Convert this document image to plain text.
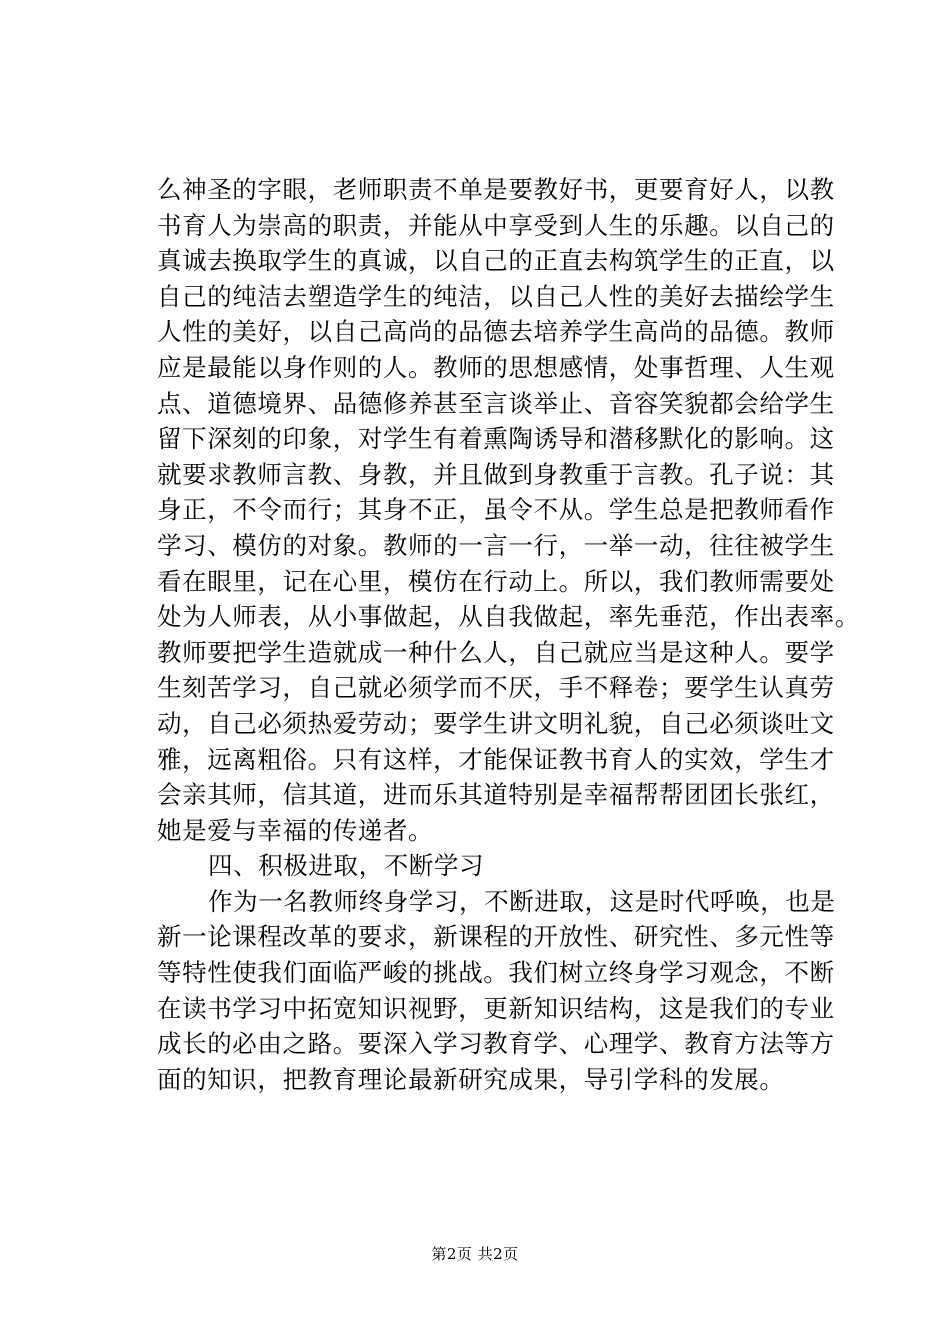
么神圣的字眼，老师职责不单是要教好书，更要育好人，以教
书育人为崇高的职责，并能从中享受到人生的乐趣。以自己的
真诚去换取学生的真诚，以自己的正直去构筑学生的正直，以
自己的纯洁去塑造学生的纯洁，以自己人性的美好去描绘学生
人性的美好，以自己高尚的品德去培养学生高尚的品德。教师
应是最能以身作则的人。教师的思想感情，处事哲理、人生观
点、道德境界、品德修养甚至言谈举止、音容笑貌都会给学生
留下深刻的印象，对学生有着熏陶诱导和潜移默化的影响。这
就要求教师言教、身教，并且做到身教重于言教。孔子说：其
身正，不令而行；其身不正，虽令不从。学生总是把教师看作
学习、模仿的对象。教师的一言一行，一举一动，往往被学生
看在眼里，记在心里，模仿在行动上。所以，我们教师需要处
处为人师表，从小事做起，从自我做起，率先垂范，作出表率。
教师要把学生造就成一种什么人，自己就应当是这种人。要学
生刻苦学习，自己就必须学而不厌，手不释卷；要学生认真劳
动，自己必须热爱劳动；要学生讲文明礼貌，自己必须谈吐文
雅，远离粗俗。只有这样，才能保证教书育人的实效，学生才
会亲其师，信其道，进而乐其道特别是幸福帮帮团团长张红，
她是爱与幸福的传递者。
四、积极进取，不断学习
作为一名教师终身学习，不断进取，这是时代呼唤，也是
新一论课程改革的要求，新课程的开放性、研究性、多元性等
等特性使我们面临严峻的挑战。我们树立终身学习观念，不断
在读书学习中拓宽知识视野，更新知识结构，这是我们的专业
成长的必由之路。要深入学习教育学、心理学、教育方法等方
面的知识，把教育理论最新研究成果，导引学科的发展。
第2页 共2页
